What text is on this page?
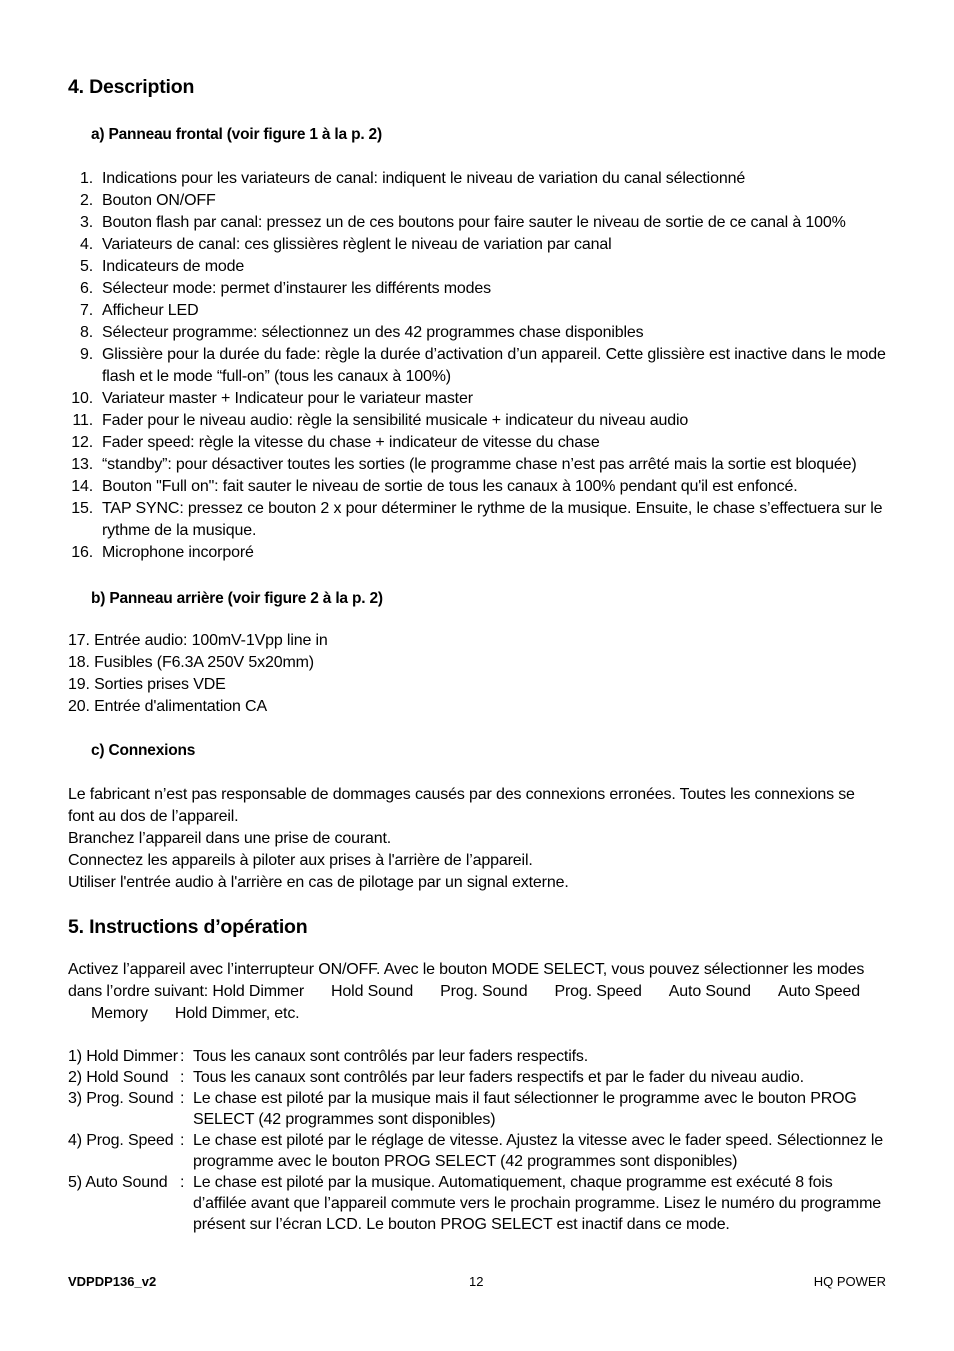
4. Description
a) Panneau frontal (voir figure 1 à la p. 2)
1. Indications pour les variateurs de canal: indiquent le niveau de variation du canal sélectionné
2. Bouton ON/OFF
3. Bouton flash par canal: pressez un de ces boutons pour faire sauter le niveau de sortie de ce canal à 100%
4. Variateurs de canal: ces glissières règlent le niveau de variation par canal
5. Indicateurs de mode
6. Sélecteur mode: permet d’instaurer les différents modes
7. Afficheur LED
8. Sélecteur programme: sélectionnez un des 42 programmes chase disponibles
9. Glissière pour la durée du fade: règle la durée d’activation d’un appareil. Cette glissière est inactive dans le mode flash et le mode “full-on” (tous les canaux à 100%)
10. Variateur master + Indicateur pour le variateur master
11. Fader pour le niveau audio: règle la sensibilité musicale + indicateur du niveau audio
12. Fader speed: règle la vitesse du chase + indicateur de vitesse du chase
13. “standby”: pour désactiver toutes les sorties (le programme chase n’est pas arrêté mais la sortie est bloquée)
14. Bouton "Full on": fait sauter le niveau de sortie de tous les canaux à 100% pendant qu'il est enfoncé.
15. TAP SYNC: pressez ce bouton 2 x pour déterminer le rythme de la musique. Ensuite, le chase s’effectuera sur le rythme de la musique.
16. Microphone incorporé
b) Panneau arrière (voir figure 2 à la p. 2)
17. Entrée audio: 100mV-1Vpp line in
18. Fusibles (F6.3A 250V 5x20mm)
19. Sorties prises VDE
20. Entrée d'alimentation CA
c) Connexions
Le fabricant n’est pas responsable de dommages causés par des connexions erronées. Toutes les connexions se
font au dos de l’appareil.
Branchez l’appareil dans une prise de courant.
Connectez les appareils à piloter aux prises à l'arrière de l’appareil.
Utiliser l'entrée audio à l'arrière en cas de pilotage par un signal externe.
5. Instructions d’opération
Activez l’appareil avec l’interrupteur ON/OFF. Avec le bouton MODE SELECT, vous pouvez sélectionner les modes
dans l’ordre suivant: Hold Dimmer Hold Sound Prog. Sound Prog. Speed Auto Sound Auto Speed
Memory Hold Dimmer, etc.
1) Hold Dimmer : Tous les canaux sont contrôlés par leur faders respectifs.
2) Hold Sound : Tous les canaux sont contrôlés par leur faders respectifs et par le fader du niveau audio.
3) Prog. Sound : Le chase est piloté par la musique mais il faut sélectionner le programme avec le bouton PROG SELECT (42 programmes sont disponibles)
4) Prog. Speed : Le chase est piloté par le réglage de vitesse. Ajustez la vitesse avec le fader speed. Sélectionnez le programme avec le bouton PROG SELECT (42 programmes sont disponibles)
5) Auto Sound : Le chase est piloté par la musique. Automatiquement, chaque programme est exécuté 8 fois d’affilée avant que l’appareil commute vers le prochain programme. Lisez le numéro du programme présent sur l’écran LCD. Le bouton PROG SELECT est inactif dans ce mode.
VDPDP136_v2	12	HQ POWER
